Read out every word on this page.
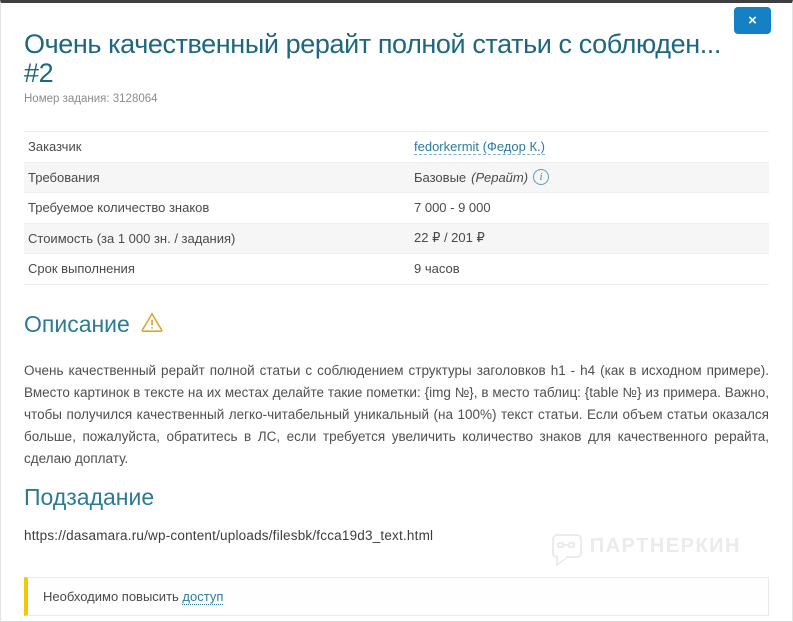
×
Очень качественный рерайт полной статьи с соблюден...
#2
Номер задания: 3128064
Заказчик	fedorkermit (Федор К.)
Требования	Базовые (Рерайт)	i
Требуемое количество знаков	7 000 - 9 000
Стоимость (за 1 000 зн. / задания)	22 ₽ / 201 ₽
Срок выполнения	9 часов
Описание

Очень качественный рерайт полной статьи с соблюдением структуры заголовков h1 - h4 (как в исходном примере). Вместо картинок в тексте на их местах делайте такие пометки: {img №}, в место таблиц: {table №} из примера. Важно, чтобы получился качественный легко-читабельный уникальный (на 100%) текст статьи. Если объем статьи оказался больше, пожалуйста, обратитесь в ЛС, если требуется увеличить количество знаков для качественного рерайта, сделаю доплату.

Подзадание
https://dasamara.ru/wp-content/uploads/filesbk/fcca19d3_text.html
Необходимо повысить доступ
ПАРТНЕРКИН
